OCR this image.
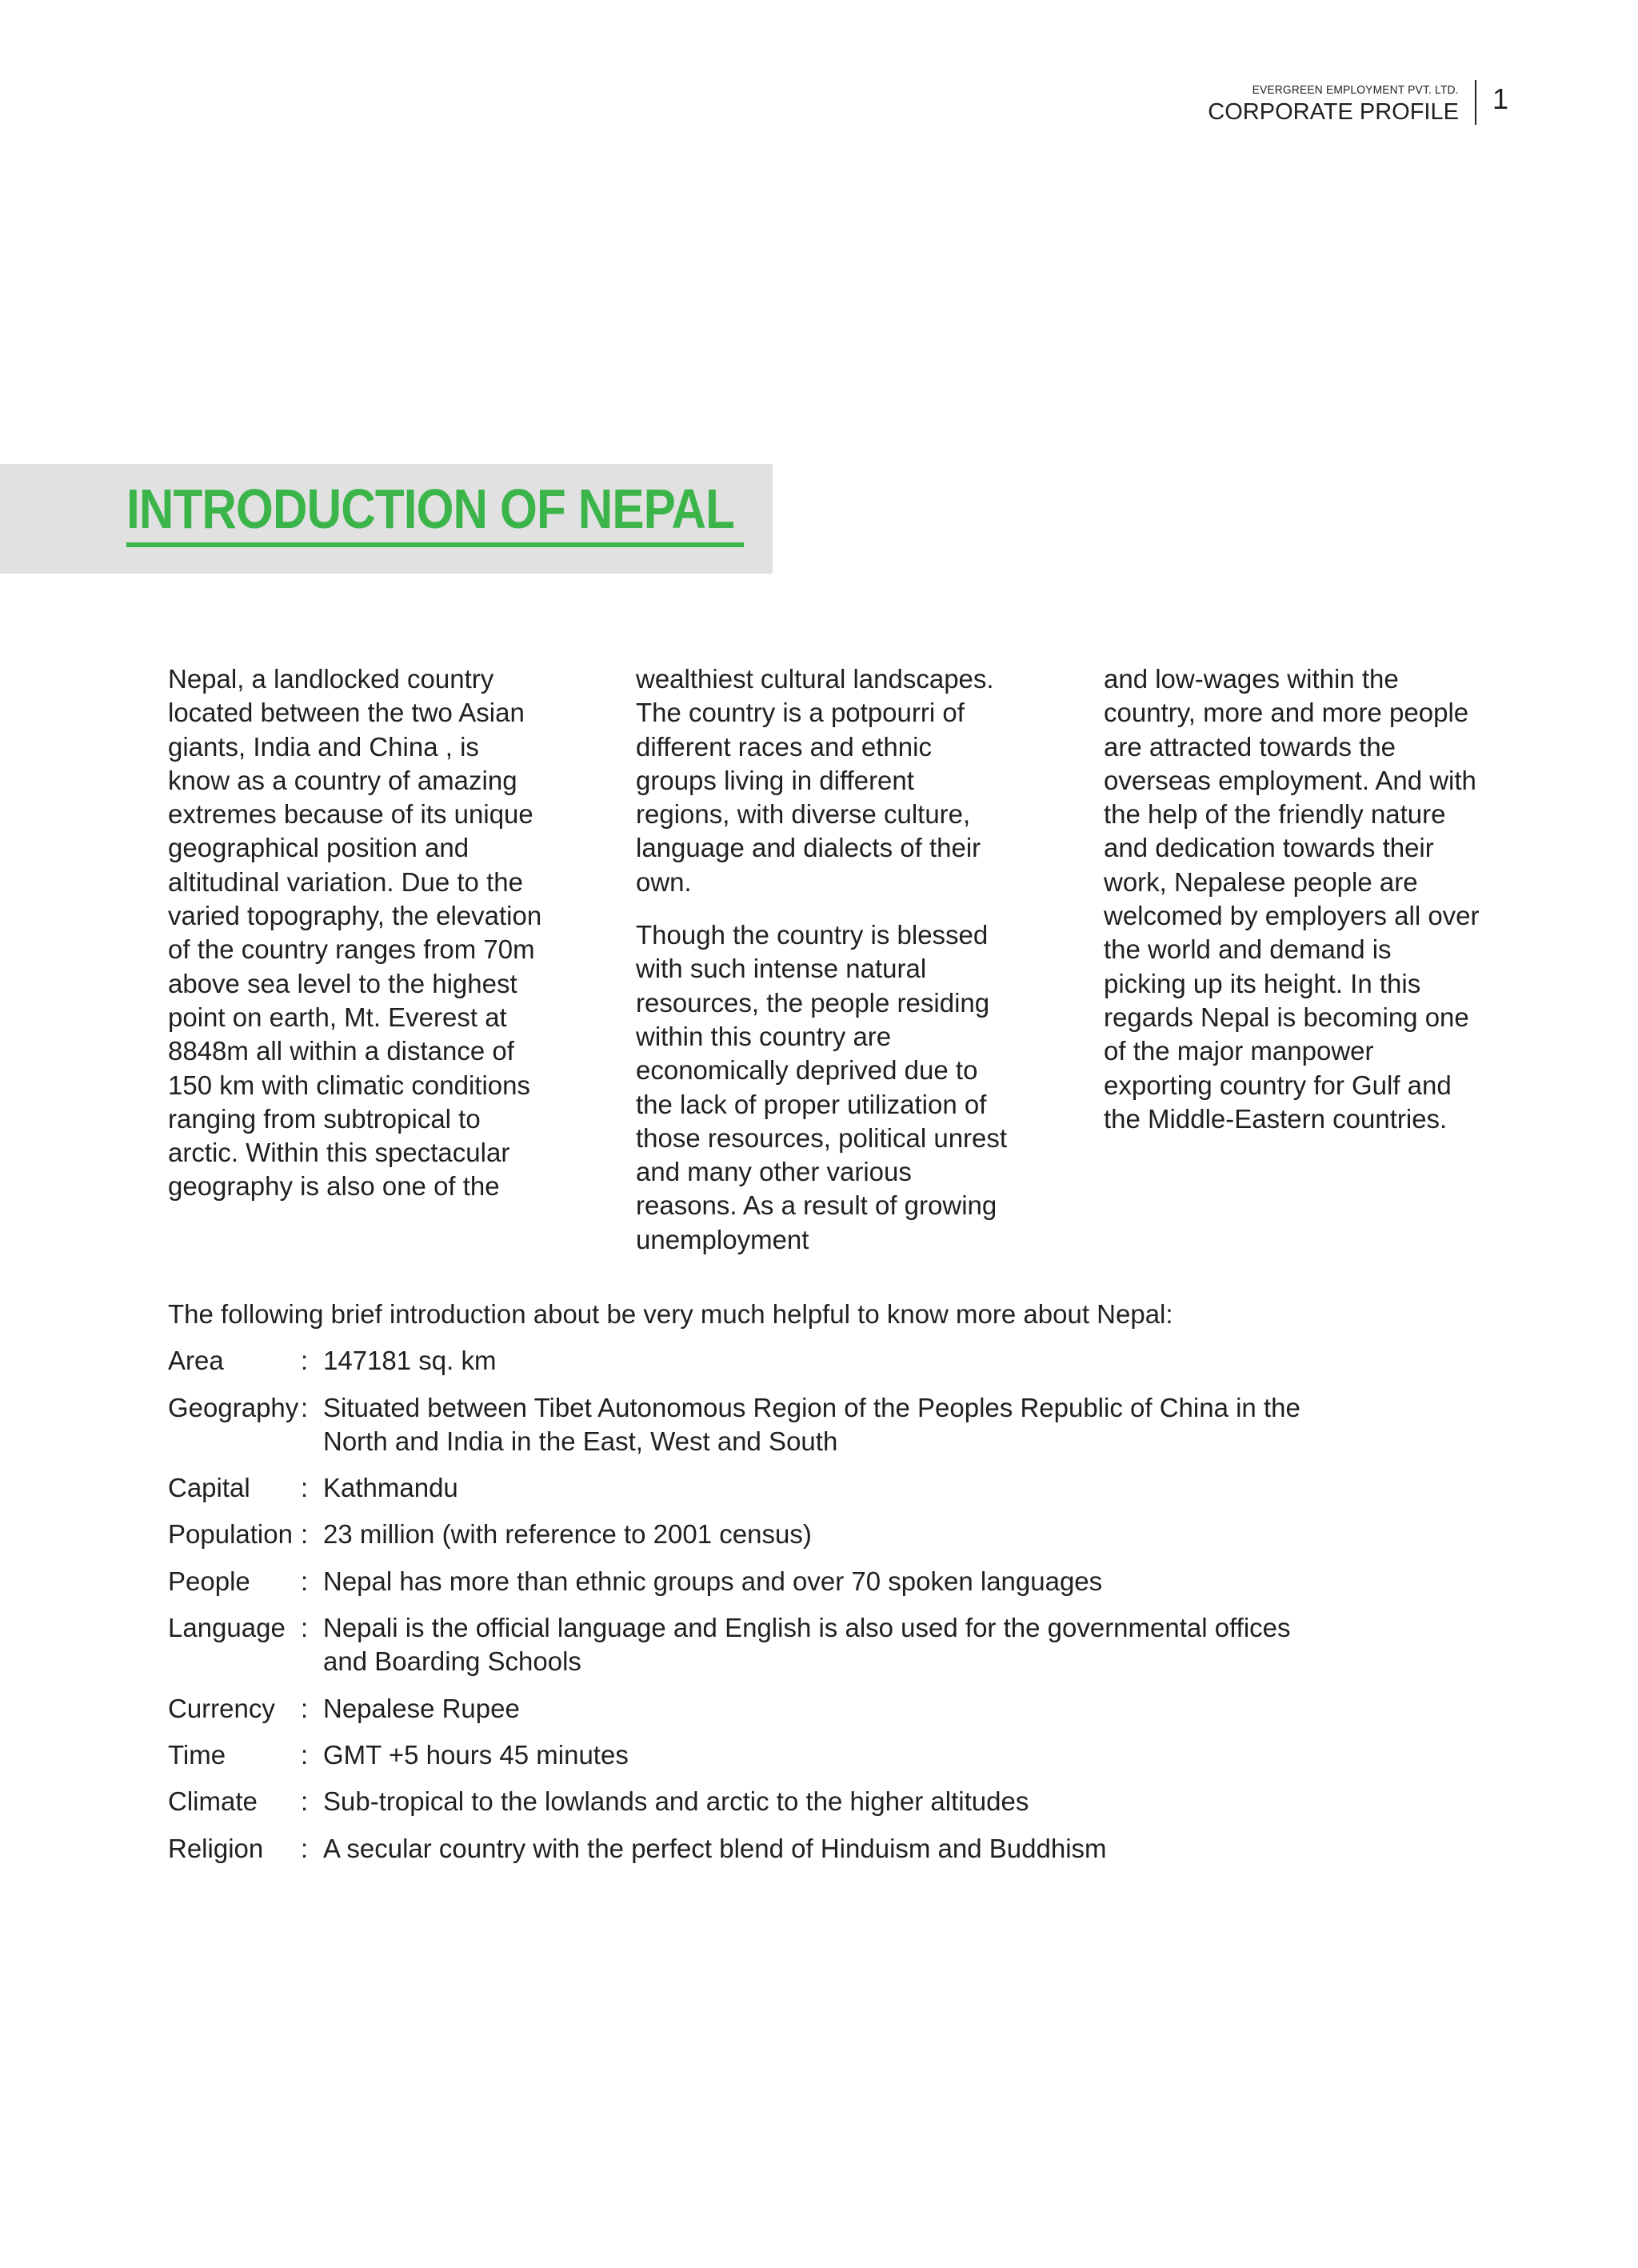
EVERGREEN EMPLOYMENT PVT. LTD.
CORPORATE PROFILE	1
INTRODUCTION OF NEPAL

Nepal, a landlocked country located between the two Asian giants, India and China , is know as a country of amazing extremes because of its unique geographical position and altitudinal variation. Due to the varied topography, the elevation of the country ranges from 70m above sea level to the highest point on earth, Mt. Everest at 8848m all within a distance of 150 km with climatic conditions ranging from subtropical to arctic. Within this spectacular geography is also one of the

wealthiest cultural landscapes. The country is a potpourri of different races and ethnic groups living in different regions, with diverse culture, language and dialects of their own.

Though the country is blessed with such intense natural resources, the people residing within this country are economically deprived due to the lack of proper utilization of those resources, political unrest and many other various reasons. As a result of growing unemployment

and low-wages within the country, more and more people are attracted towards the overseas employment. And with the help of the friendly nature and dedication towards their work, Nepalese people are welcomed by employers all over the world and demand is picking up its height. In this regards Nepal is becoming one of the major manpower exporting country for Gulf and the Middle-Eastern countries.

The following brief introduction about be very much helpful to know more about Nepal:

Area	: 147181 sq. km
Geography : Situated between Tibet Autonomous Region of the Peoples Republic of China in the North and India in the East, West and South
Capital	: Kathmandu
Population : 23 million (with reference to 2001 census)
People	: Nepal has more than ethnic groups and over 70 spoken languages
Language : Nepali is the official language and English is also used for the governmental offices and Boarding Schools
Currency : Nepalese Rupee
Time	: GMT +5 hours 45 minutes
Climate	: Sub-tropical to the lowlands and arctic to the higher altitudes
Religion	: A secular country with the perfect blend of Hinduism and Buddhism
